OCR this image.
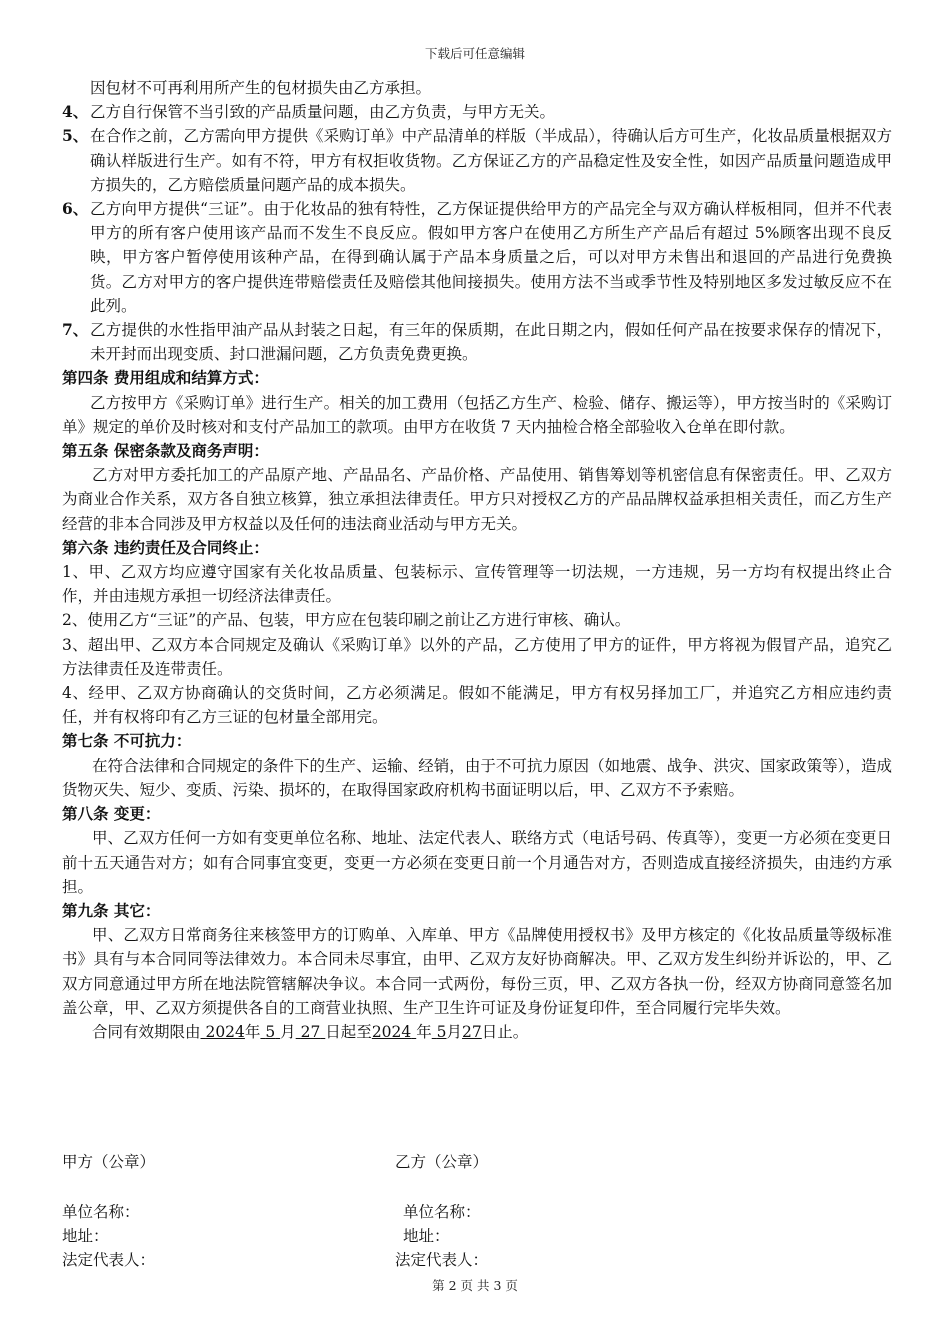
下载后可任意编辑

因包材不可再利用所产生的包材损失由乙方承担。

4、 乙方自行保管不当引致的产品质量问题，由乙方负责，与甲方无关。
5、 在合作之前，乙方需向甲方提供《采购订单》中产品清单的样版（半成品），待确认后方可生产，化妆品质量根据双方确认样版进行生产。如有不符，甲方有权拒收货物。乙方保证乙方的产品稳定性及安全性，如因产品质量问题造成甲方损失的，乙方赔偿质量问题产品的成本损失。
6、 乙方向甲方提供“三证”。由于化妆品的独有特性，乙方保证提供给甲方的产品完全与双方确认样板相同，但并不代表甲方的所有客户使用该产品而不发生不良反应。假如甲方客户在使用乙方所生产产品后有超过 5%顾客出现不良反映，甲方客户暂停使用该种产品，在得到确认属于产品本身质量之后，可以对甲方未售出和退回的产品进行免费换货。乙方对甲方的客户提供连带赔偿责任及赔偿其他间接损失。使用方法不当或季节性及特别地区多发过敏反应不在此列。
7、 乙方提供的水性指甲油产品从封装之日起，有三年的保质期，在此日期之内，假如任何产品在按要求保存的情况下，未开封而出现变质、封口泄漏问题，乙方负责免费更换。

第四条 费用组成和结算方式：

乙方按甲方《采购订单》进行生产。相关的加工费用（包括乙方生产、检验、储存、搬运等），甲方按当时的《采购订单》规定的单价及时核对和支付产品加工的款项。由甲方在收货 7 天内抽检合格全部验收入仓单在即付款。

第五条 保密条款及商务声明：

乙方对甲方委托加工的产品原产地、产品品名、产品价格、产品使用、销售筹划等机密信息有保密责任。甲、乙双方为商业合作关系，双方各自独立核算，独立承担法律责任。甲方只对授权乙方的产品品牌权益承担相关责任，而乙方生产经营的非本合同涉及甲方权益以及任何的违法商业活动与甲方无关。

第六条 违约责任及合同终止：

1、甲、乙双方均应遵守国家有关化妆品质量、包装标示、宣传管理等一切法规，一方违规，另一方均有权提出终止合作，并由违规方承担一切经济法律责任。

2、使用乙方“三证”的产品、包装，甲方应在包装印刷之前让乙方进行审核、确认。

3、超出甲、乙双方本合同规定及确认《采购订单》以外的产品，乙方使用了甲方的证件，甲方将视为假冒产品，追究乙方法律责任及连带责任。

4、经甲、乙双方协商确认的交货时间，乙方必须满足。假如不能满足，甲方有权另择加工厂，并追究乙方相应违约责任，并有权将印有乙方三证的包材量全部用完。

第七条 不可抗力：

在符合法律和合同规定的条件下的生产、运输、经销，由于不可抗力原因（如地震、战争、洪灾、国家政策等），造成货物灭失、短少、变质、污染、损坏的，在取得国家政府机构书面证明以后，甲、乙双方不予索赔。

第八条 变更：

甲、乙双方任何一方如有变更单位名称、地址、法定代表人、联络方式（电话号码、传真等），变更一方必须在变更日前十五天通告对方；如有合同事宜变更，变更一方必须在变更日前一个月通告对方，否则造成直接经济损失，由违约方承担。

第九条 其它：

甲、乙双方日常商务往来核签甲方的订购单、入库单、甲方《品牌使用授权书》及甲方核定的《化妆品质量等级标准书》具有与本合同同等法律效力。本合同未尽事宜，由甲、乙双方友好协商解决。甲、乙双方发生纠纷并诉讼的，甲、乙双方同意通过甲方所在地法院管辖解决争议。本合同一式两份，每份三页，甲、乙双方各执一份，经双方协商同意签名加盖公章，甲、乙双方须提供各自的工商营业执照、生产卫生许可证及身份证复印件，至合同履行完毕失效。

合同有效期限由 2024年 5 月 27 日起至2024 年 5月27日止。

甲方（公章）	乙方（公章）
单位名称：	单位名称：
地址：	地址：
法定代表人：	法定代表人：
第 2 页 共 3 页
